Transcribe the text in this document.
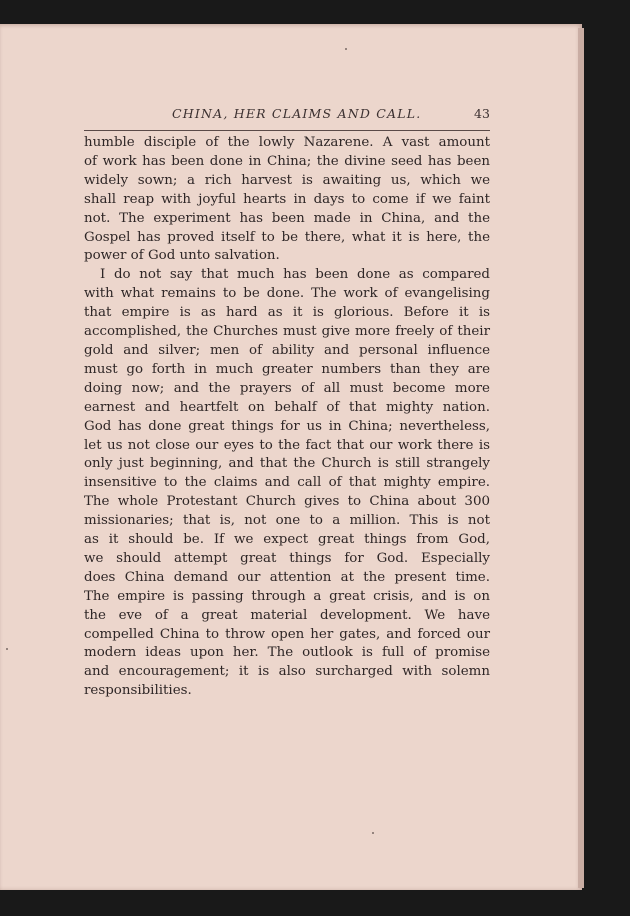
CHINA, HER CLAIMS AND CALL.	43
humble disciple of the lowly Nazarene. A vast amount
of work has been done in China; the divine seed has been
widely sown; a rich harvest is awaiting us, which we
shall reap with joyful hearts in days to come if we faint
not. The experiment has been made in China, and the
Gospel has proved itself to be there, what it is here, the
power of God unto salvation.
I do not say that much has been done as compared
with what remains to be done. The work of evangelising
that empire is as hard as it is glorious. Before it is
accomplished, the Churches must give more freely of their
gold and silver; men of ability and personal influence
must go forth in much greater numbers than they are
doing now; and the prayers of all must become more
earnest and heartfelt on behalf of that mighty nation.
God has done great things for us in China; nevertheless,
let us not close our eyes to the fact that our work there is
only just beginning, and that the Church is still strangely
insensitive to the claims and call of that mighty empire.
The whole Protestant Church gives to China about 300
missionaries; that is, not one to a million. This is not
as it should be. If we expect great things from God,
we should attempt great things for God. Especially
does China demand our attention at the present time.
The empire is passing through a great crisis, and is on
the eve of a great material development. We have
compelled China to throw open her gates, and forced our
modern ideas upon her. The outlook is full of promise
and encouragement; it is also surcharged with solemn
responsibilities.
